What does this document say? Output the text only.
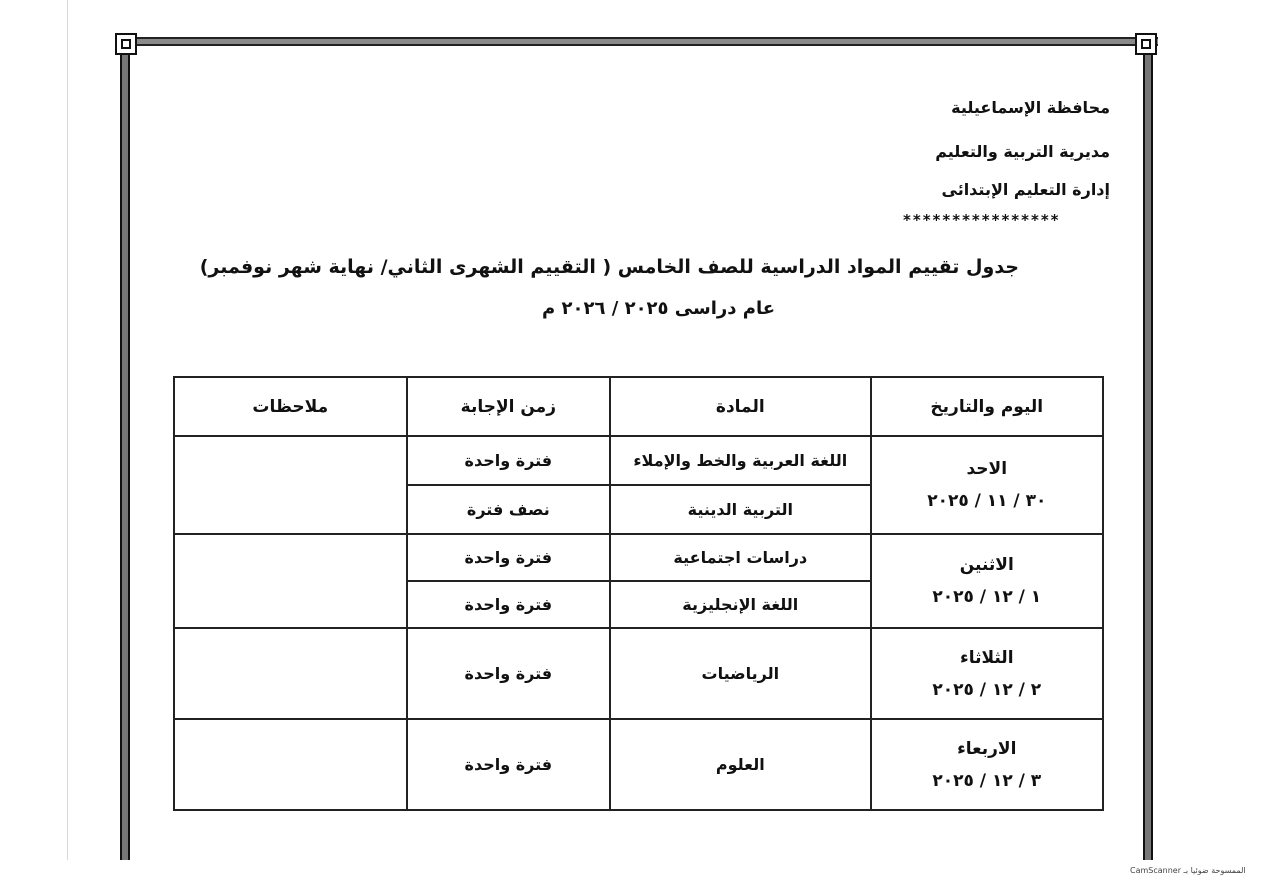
محافظة الإسماعيلية
مديرية التربية والتعليم
إدارة التعليم الإبتدائى
****************
جدول تقييم المواد الدراسية للصف الخامس ( التقييم الشهرى الثاني/ نهاية شهر نوفمبر)
عام دراسى ٢٠٢٥ / ٢٠٢٦ م
اليوم والتاريخ	المادة	زمن الإجابة	ملاحظات

الاحد
٣٠ / ١١ / ٢٠٢٥	اللغة العربية والخط والإملاء	فترة واحدة	
	التربية الدينية	نصف فترة	

الاثنين
١ / ١٢ / ٢٠٢٥	دراسات اجتماعية	فترة واحدة	
	اللغة الإنجليزية	فترة واحدة	

الثلاثاء
٢ / ١٢ / ٢٠٢٥	الرياضيات	فترة واحدة	

الاربعاء
٣ / ١٢ / ٢٠٢٥	العلوم	فترة واحدة	
الممسوحة ضوئيا بـ CamScanner
